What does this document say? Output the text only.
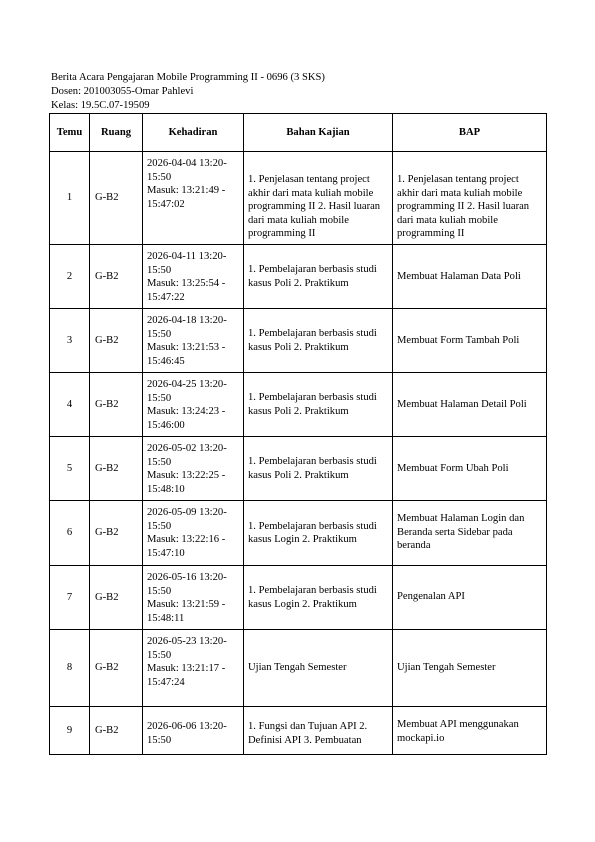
Berita Acara Pengajaran Mobile Programming II - 0696 (3 SKS)
Dosen: 201003055-Omar Pahlevi
Kelas: 19.5C.07-19509
Temu	Ruang	Kehadiran	Bahan Kajian	BAP
1	G-B2	2026-04-04 13:20-
15:50
Masuk: 13:21:49 -
15:47:02	1. Penjelasan tentang project akhir dari mata kuliah mobile programming II 2. Hasil luaran dari mata kuliah mobile programming II	1. Penjelasan tentang project akhir dari mata kuliah mobile programming II 2. Hasil luaran dari mata kuliah mobile programming II
2	G-B2	2026-04-11 13:20-
15:50
Masuk: 13:25:54 -
15:47:22	1. Pembelajaran berbasis studi kasus Poli 2. Praktikum	Membuat Halaman Data Poli
3	G-B2	2026-04-18 13:20-
15:50
Masuk: 13:21:53 -
15:46:45	1. Pembelajaran berbasis studi kasus Poli 2. Praktikum	Membuat Form Tambah Poli
4	G-B2	2026-04-25 13:20-
15:50
Masuk: 13:24:23 -
15:46:00	1. Pembelajaran berbasis studi kasus Poli 2. Praktikum	Membuat Halaman Detail Poli
5	G-B2	2026-05-02 13:20-
15:50
Masuk: 13:22:25 -
15:48:10	1. Pembelajaran berbasis studi kasus Poli 2. Praktikum	Membuat Form Ubah Poli
6	G-B2	2026-05-09 13:20-
15:50
Masuk: 13:22:16 -
15:47:10	1. Pembelajaran berbasis studi kasus Login 2. Praktikum	Membuat Halaman Login dan Beranda serta Sidebar pada beranda
7	G-B2	2026-05-16 13:20-
15:50
Masuk: 13:21:59 -
15:48:11	1. Pembelajaran berbasis studi kasus Login 2. Praktikum	Pengenalan API
8	G-B2	2026-05-23 13:20-
15:50
Masuk: 13:21:17 -
15:47:24	Ujian Tengah Semester	Ujian Tengah Semester
9	G-B2	2026-06-06 13:20-
15:50	1. Fungsi dan Tujuan API 2. Definisi API 3. Pembuatan	Membuat API menggunakan mockapi.io
